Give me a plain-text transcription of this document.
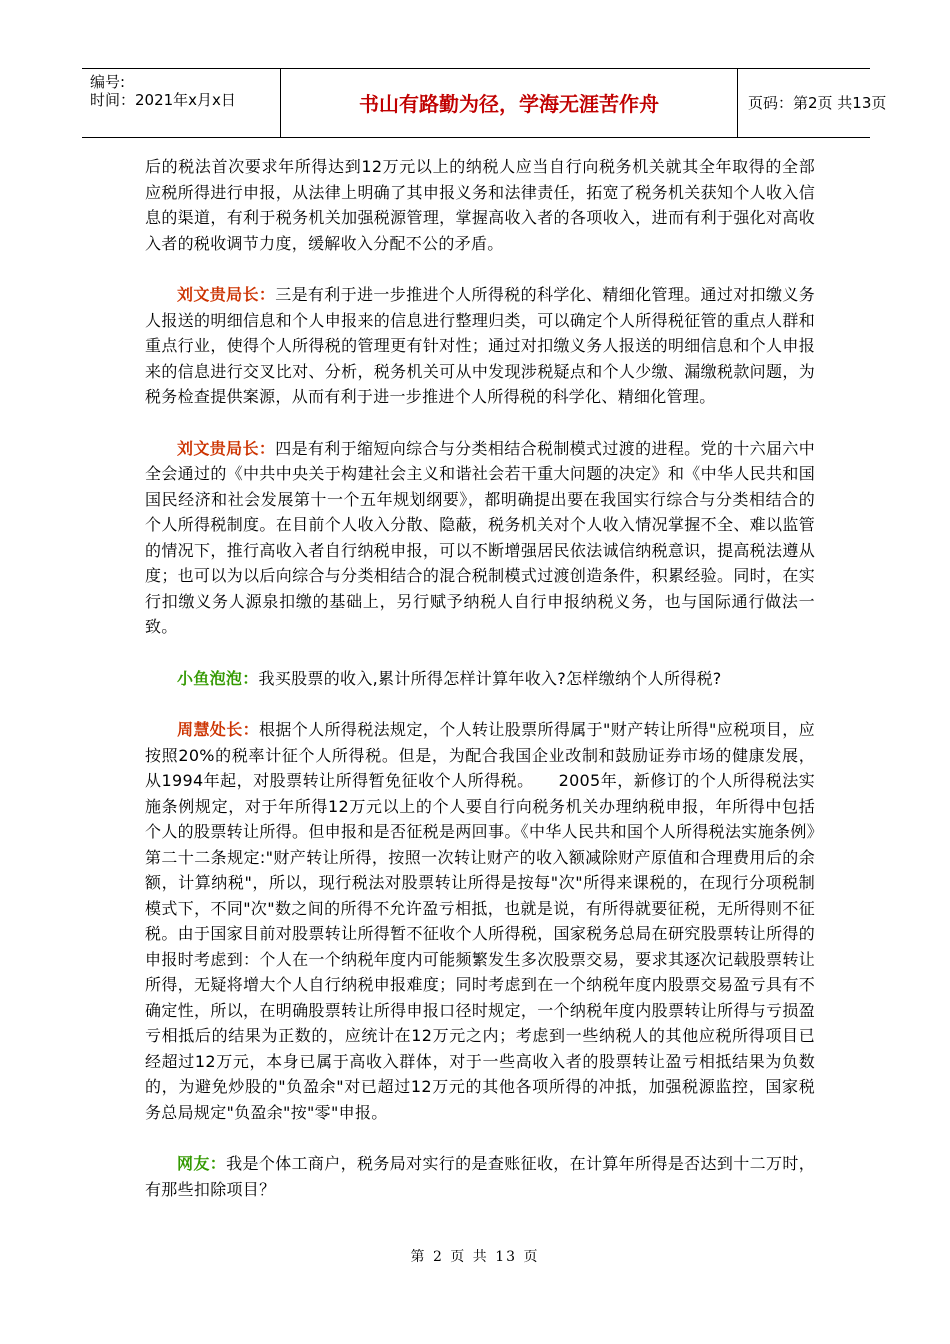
编号:
时间：2021年x月x日	书山有路勤为径，学海无涯苦作舟	页码：第2页 共13页

后的税法首次要求年所得达到12万元以上的纳税人应当自行向税务机关就其全年取得的全部应税所得进行申报，从法律上明确了其申报义务和法律责任，拓宽了税务机关获知个人收入信息的渠道，有利于税务机关加强税源管理，掌握高收入者的各项收入，进而有利于强化对高收入者的税收调节力度，缓解收入分配不公的矛盾。

刘文贵局长：三是有利于进一步推进个人所得税的科学化、精细化管理。通过对扣缴义务人报送的明细信息和个人申报来的信息进行整理归类，可以确定个人所得税征管的重点人群和重点行业，使得个人所得税的管理更有针对性；通过对扣缴义务人报送的明细信息和个人申报来的信息进行交叉比对、分析，税务机关可从中发现涉税疑点和个人少缴、漏缴税款问题，为税务检查提供案源，从而有利于进一步推进个人所得税的科学化、精细化管理。

刘文贵局长：四是有利于缩短向综合与分类相结合税制模式过渡的进程。党的十六届六中全会通过的《中共中央关于构建社会主义和谐社会若干重大问题的决定》和《中华人民共和国国民经济和社会发展第十一个五年规划纲要》，都明确提出要在我国实行综合与分类相结合的个人所得税制度。在目前个人收入分散、隐蔽，税务机关对个人收入情况掌握不全、难以监管的情况下，推行高收入者自行纳税申报，可以不断增强居民依法诚信纳税意识，提高税法遵从度；也可以为以后向综合与分类相结合的混合税制模式过渡创造条件，积累经验。同时，在实行扣缴义务人源泉扣缴的基础上，另行赋予纳税人自行申报纳税义务，也与国际通行做法一致。

小鱼泡泡：我买股票的收入,累计所得怎样计算年收入?怎样缴纳个人所得税?

周慧处长：根据个人所得税法规定，个人转让股票所得属于"财产转让所得"应税项目，应按照20%的税率计征个人所得税。但是，为配合我国企业改制和鼓励证券市场的健康发展，从1994年起，对股票转让所得暂免征收个人所得税。　　2005年，新修订的个人所得税法实施条例规定，对于年所得12万元以上的个人要自行向税务机关办理纳税申报，年所得中包括个人的股票转让所得。但申报和是否征税是两回事。《中华人民共和国个人所得税法实施条例》第二十二条规定:"财产转让所得，按照一次转让财产的收入额减除财产原值和合理费用后的余额，计算纳税"，所以，现行税法对股票转让所得是按每"次"所得来课税的，在现行分项税制模式下，不同"次"数之间的所得不允许盈亏相抵，也就是说，有所得就要征税，无所得则不征税。由于国家目前对股票转让所得暂不征收个人所得税，国家税务总局在研究股票转让所得的申报时考虑到：个人在一个纳税年度内可能频繁发生多次股票交易，要求其逐次记载股票转让所得，无疑将增大个人自行纳税申报难度；同时考虑到在一个纳税年度内股票交易盈亏具有不确定性，所以，在明确股票转让所得申报口径时规定，一个纳税年度内股票转让所得与亏损盈亏相抵后的结果为正数的，应统计在12万元之内；考虑到一些纳税人的其他应税所得项目已经超过12万元，本身已属于高收入群体，对于一些高收入者的股票转让盈亏相抵结果为负数的，为避免炒股的"负盈余"对已超过12万元的其他各项所得的冲抵，加强税源监控，国家税务总局规定"负盈余"按"零"申报。

网友：我是个体工商户，税务局对实行的是查账征收，在计算年所得是否达到十二万时，有那些扣除项目？

第 2 页 共 13 页
